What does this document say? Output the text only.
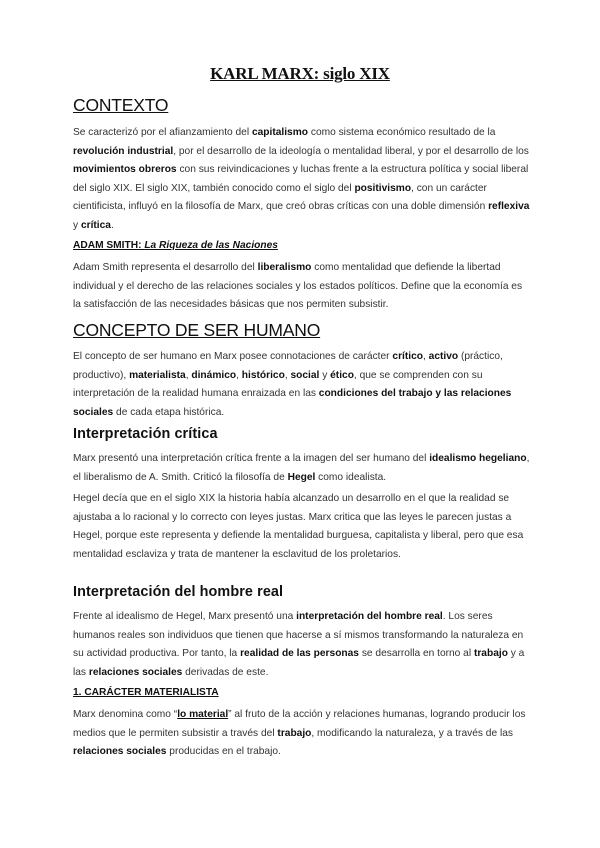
KARL MARX: siglo XIX
CONTEXTO
Se caracterizó por el afianzamiento del capitalismo como sistema económico resultado de la revolución industrial, por el desarrollo de la ideología o mentalidad liberal, y por el desarrollo de los movimientos obreros con sus reivindicaciones y luchas frente a la estructura política y social liberal del siglo XIX. El siglo XIX, también conocido como el siglo del positivismo, con un carácter cientificista, influyó en la filosofía de Marx, que creó obras críticas con una doble dimensión reflexiva y crítica.
ADAM SMITH: La Riqueza de las Naciones
Adam Smith representa el desarrollo del liberalismo como mentalidad que defiende la libertad individual y el derecho de las relaciones sociales y los estados políticos. Define que la economía es la satisfacción de las necesidades básicas que nos permiten subsistir.
CONCEPTO DE SER HUMANO
El concepto de ser humano en Marx posee connotaciones de carácter crítico, activo (práctico, productivo), materialista, dinámico, histórico, social y ético, que se comprenden con su interpretación de la realidad humana enraizada en las condiciones del trabajo y las relaciones sociales de cada etapa histórica.
Interpretación crítica
Marx presentó una interpretación crítica frente a la imagen del ser humano del idealismo hegeliano, el liberalismo de A. Smith. Criticó la filosofía de Hegel como idealista.
Hegel decía que en el siglo XIX la historia había alcanzado un desarrollo en el que la realidad se ajustaba a lo racional y lo correcto con leyes justas. Marx critica que las leyes le parecen justas a Hegel, porque este representa y defiende la mentalidad burguesa, capitalista y liberal, pero que esa mentalidad esclaviza y trata de mantener la esclavitud de los proletarios.
Interpretación del hombre real
Frente al idealismo de Hegel, Marx presentó una interpretación del hombre real. Los seres humanos reales son individuos que tienen que hacerse a sí mismos transformando la naturaleza en su actividad productiva. Por tanto, la realidad de las personas se desarrolla en torno al trabajo y a las relaciones sociales derivadas de este.
1. CARÁCTER MATERIALISTA
Marx denomina como “lo material” al fruto de la acción y relaciones humanas, logrando producir los medios que le permiten subsistir a través del trabajo, modificando la naturaleza, y a través de las relaciones sociales producidas en el trabajo.
